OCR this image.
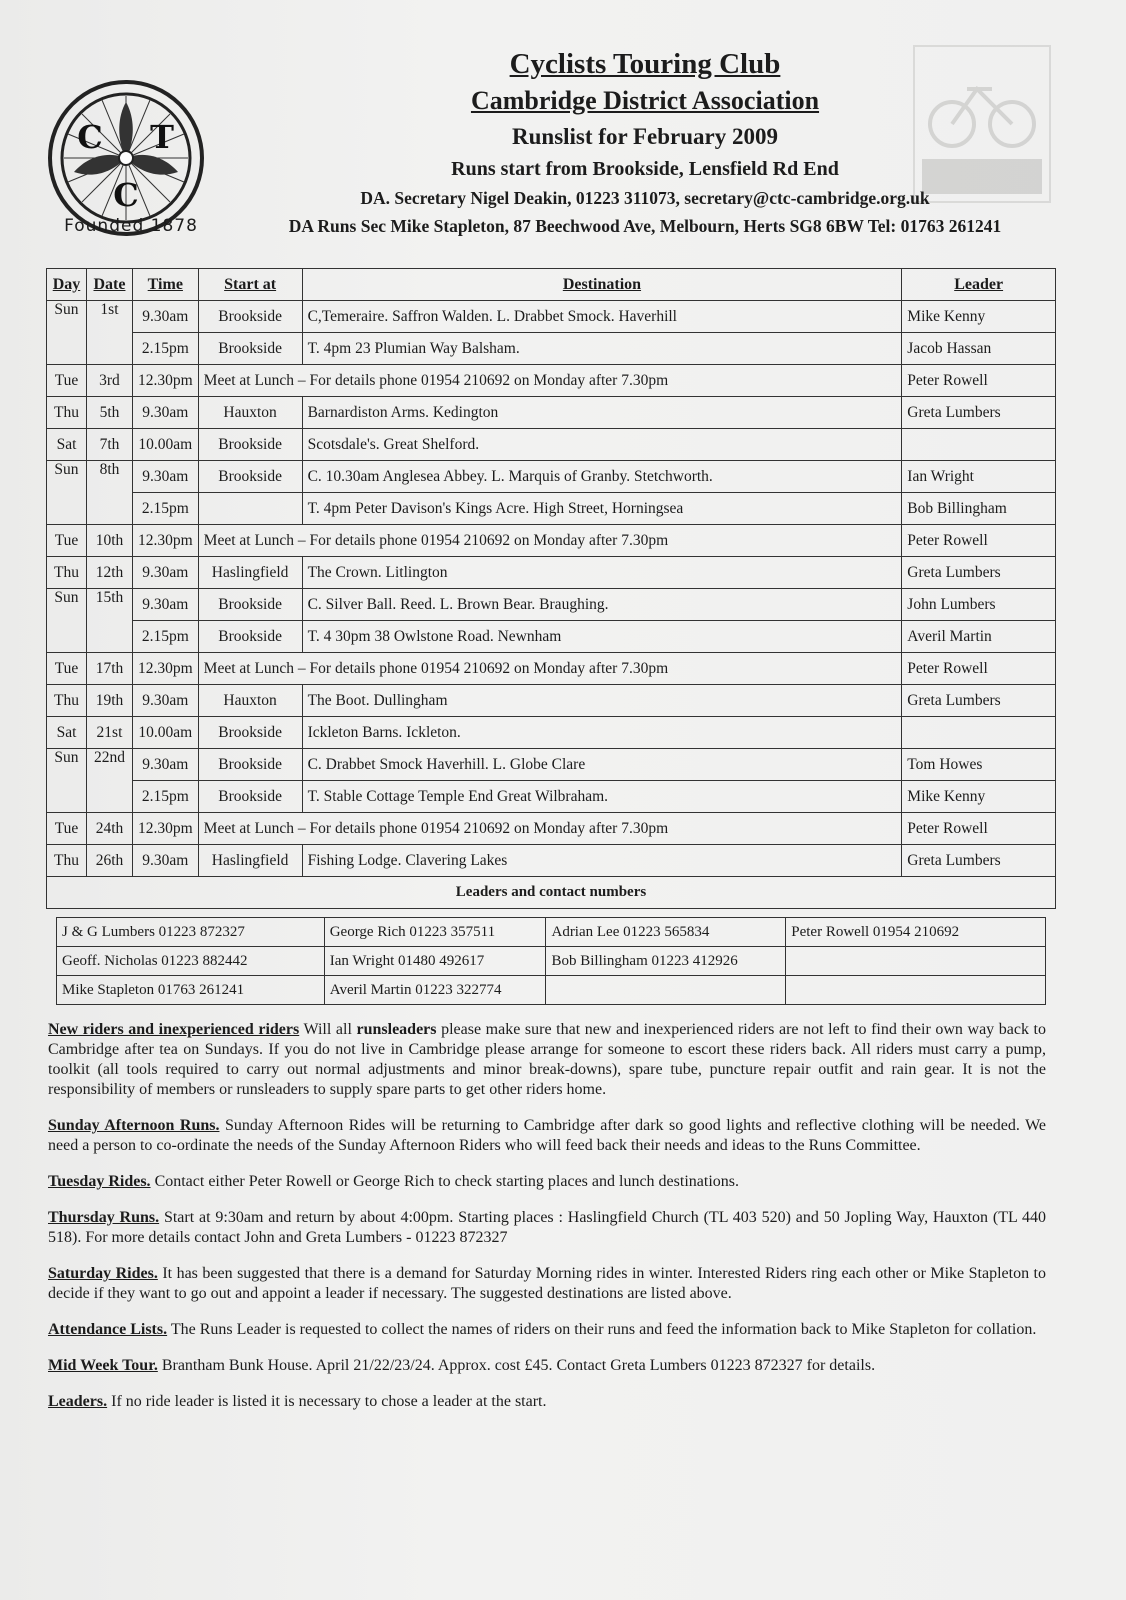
C T
C
Founded 1878
Cyclists Touring Club
Cambridge District Association
Runslist for February 2009
Runs start from Brookside, Lensfield Rd End
DA. Secretary Nigel Deakin, 01223 311073, secretary@ctc-cambridge.org.uk
DA Runs Sec Mike Stapleton, 87 Beechwood Ave, Melbourn, Herts SG8 6BW Tel: 01763 261241
Day	Date	Time	Start at	Destination	Leader
Sun	1st	9.30am	Brookside	C,Temeraire. Saffron Walden. L. Drabbet Smock. Haverhill	Mike Kenny
		2.15pm	Brookside	T. 4pm 23 Plumian Way Balsham.	Jacob Hassan
Tue	3rd	12.30pm	Meet at Lunch – For details phone 01954 210692 on Monday after 7.30pm		Peter Rowell
Thu	5th	9.30am	Hauxton	Barnardiston Arms. Kedington	Greta Lumbers
Sat	7th	10.00am	Brookside	Scotsdale's. Great Shelford.	
Sun	8th	9.30am	Brookside	C. 10.30am Anglesea Abbey. L. Marquis of Granby. Stetchworth.	Ian Wright
		2.15pm		T. 4pm Peter Davison's Kings Acre. High Street, Horningsea	Bob Billingham
Tue	10th	12.30pm	Meet at Lunch – For details phone 01954 210692 on Monday after 7.30pm		Peter Rowell
Thu	12th	9.30am	Haslingfield	The Crown. Litlington	Greta Lumbers
Sun	15th	9.30am	Brookside	C. Silver Ball. Reed. L. Brown Bear. Braughing.	John Lumbers
		2.15pm	Brookside	T. 4 30pm 38 Owlstone Road. Newnham	Averil Martin
Tue	17th	12.30pm	Meet at Lunch – For details phone 01954 210692 on Monday after 7.30pm		Peter Rowell
Thu	19th	9.30am	Hauxton	The Boot. Dullingham	Greta Lumbers
Sat	21st	10.00am	Brookside	Ickleton Barns. Ickleton.	
Sun	22nd	9.30am	Brookside	C. Drabbet Smock Haverhill. L. Globe Clare	Tom Howes
		2.15pm	Brookside	T. Stable Cottage Temple End Great Wilbraham.	Mike Kenny
Tue	24th	12.30pm	Meet at Lunch – For details phone 01954 210692 on Monday after 7.30pm		Peter Rowell
Thu	26th	9.30am	Haslingfield	Fishing Lodge. Clavering Lakes	Greta Lumbers
Leaders and contact numbers					
J & G Lumbers 01223 872327	George Rich 01223 357511	Adrian Lee 01223 565834	Peter Rowell 01954 210692
Geoff. Nicholas 01223 882442	Ian Wright 01480 492617	Bob Billingham 01223 412926	
Mike Stapleton 01763 261241	Averil Martin 01223 322774		

New riders and inexperienced riders Will all runsleaders please make sure that new and inexperienced riders are not left to find their own way back to Cambridge after tea on Sundays. If you do not live in Cambridge please arrange for someone to escort these riders back. All riders must carry a pump, toolkit (all tools required to carry out normal adjustments and minor break-downs), spare tube, puncture repair outfit and rain gear. It is not the responsibility of members or runsleaders to supply spare parts to get other riders home.

Sunday Afternoon Runs. Sunday Afternoon Rides will be returning to Cambridge after dark so good lights and reflective clothing will be needed. We need a person to co-ordinate the needs of the Sunday Afternoon Riders who will feed back their needs and ideas to the Runs Committee.

Tuesday Rides. Contact either Peter Rowell or George Rich to check starting places and lunch destinations.

Thursday Runs. Start at 9:30am and return by about 4:00pm. Starting places : Haslingfield Church (TL 403 520) and 50 Jopling Way, Hauxton (TL 440 518). For more details contact John and Greta Lumbers - 01223 872327

Saturday Rides. It has been suggested that there is a demand for Saturday Morning rides in winter. Interested Riders ring each other or Mike Stapleton to decide if they want to go out and appoint a leader if necessary. The suggested destinations are listed above.

Attendance Lists. The Runs Leader is requested to collect the names of riders on their runs and feed the information back to Mike Stapleton for collation.

Mid Week Tour. Brantham Bunk House. April 21/22/23/24. Approx. cost £45. Contact Greta Lumbers 01223 872327 for details.

Leaders. If no ride leader is listed it is necessary to chose a leader at the start.
